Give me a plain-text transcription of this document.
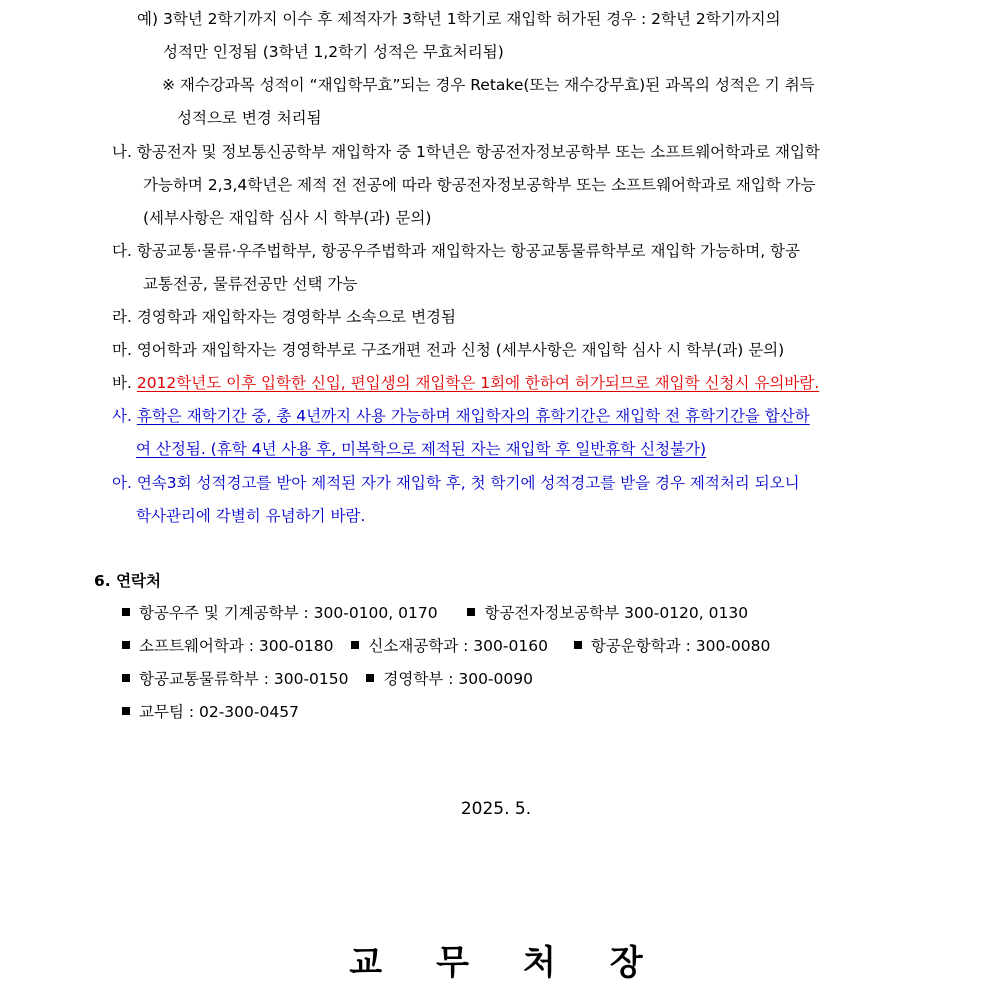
예) 3학년 2학기까지 이수 후 제적자가 3학년 1학기로 재입학 허가된 경우 : 2학년 2학기까지의
성적만 인정됨 (3학년 1,2학기 성적은 무효처리됨)
※ 재수강과목 성적이 “재입학무효”되는 경우 Retake(또는 재수강무효)된 과목의 성적은 기 취득
성적으로 변경 처리됨
나. 항공전자 및 정보통신공학부 재입학자 중 1학년은 항공전자정보공학부 또는 소프트웨어학과로 재입학
가능하며 2,3,4학년은 제적 전 전공에 따라 항공전자정보공학부 또는 소프트웨어학과로 재입학 가능
(세부사항은 재입학 심사 시 학부(과) 문의)
다. 항공교통·물류·우주법학부, 항공우주법학과 재입학자는 항공교통물류학부로 재입학 가능하며, 항공
교통전공, 물류전공만 선택 가능
라. 경영학과 재입학자는 경영학부 소속으로 변경됨
마. 영어학과 재입학자는 경영학부로 구조개편 전과 신청 (세부사항은 재입학 심사 시 학부(과) 문의)
바. 2012학년도 이후 입학한 신입, 편입생의 재입학은 1회에 한하여 허가되므로 재입학 신청시 유의바람.
사. 휴학은 재학기간 중, 총 4년까지 사용 가능하며 재입학자의 휴학기간은 재입학 전 휴학기간을 합산하
여 산정됨. (휴학 4년 사용 후, 미복학으로 제적된 자는 재입학 후 일반휴학 신청불가)
아. 연속3회 성적경고를 받아 제적된 자가 재입학 후, 첫 학기에 성적경고를 받을 경우 제적처리 되오니
학사관리에 각별히 유념하기 바람.
6. 연락처
항공우주 및 기계공학부 : 300-0100, 0170	항공전자정보공학부 300-0120, 0130
소프트웨어학과 : 300-0180 신소재공학과 : 300-0160	항공운항학과 : 300-0080
항공교통물류학부 : 300-0150 경영학부 : 300-0090
교무팀 : 02-300-0457
2025. 5.
교무처장
